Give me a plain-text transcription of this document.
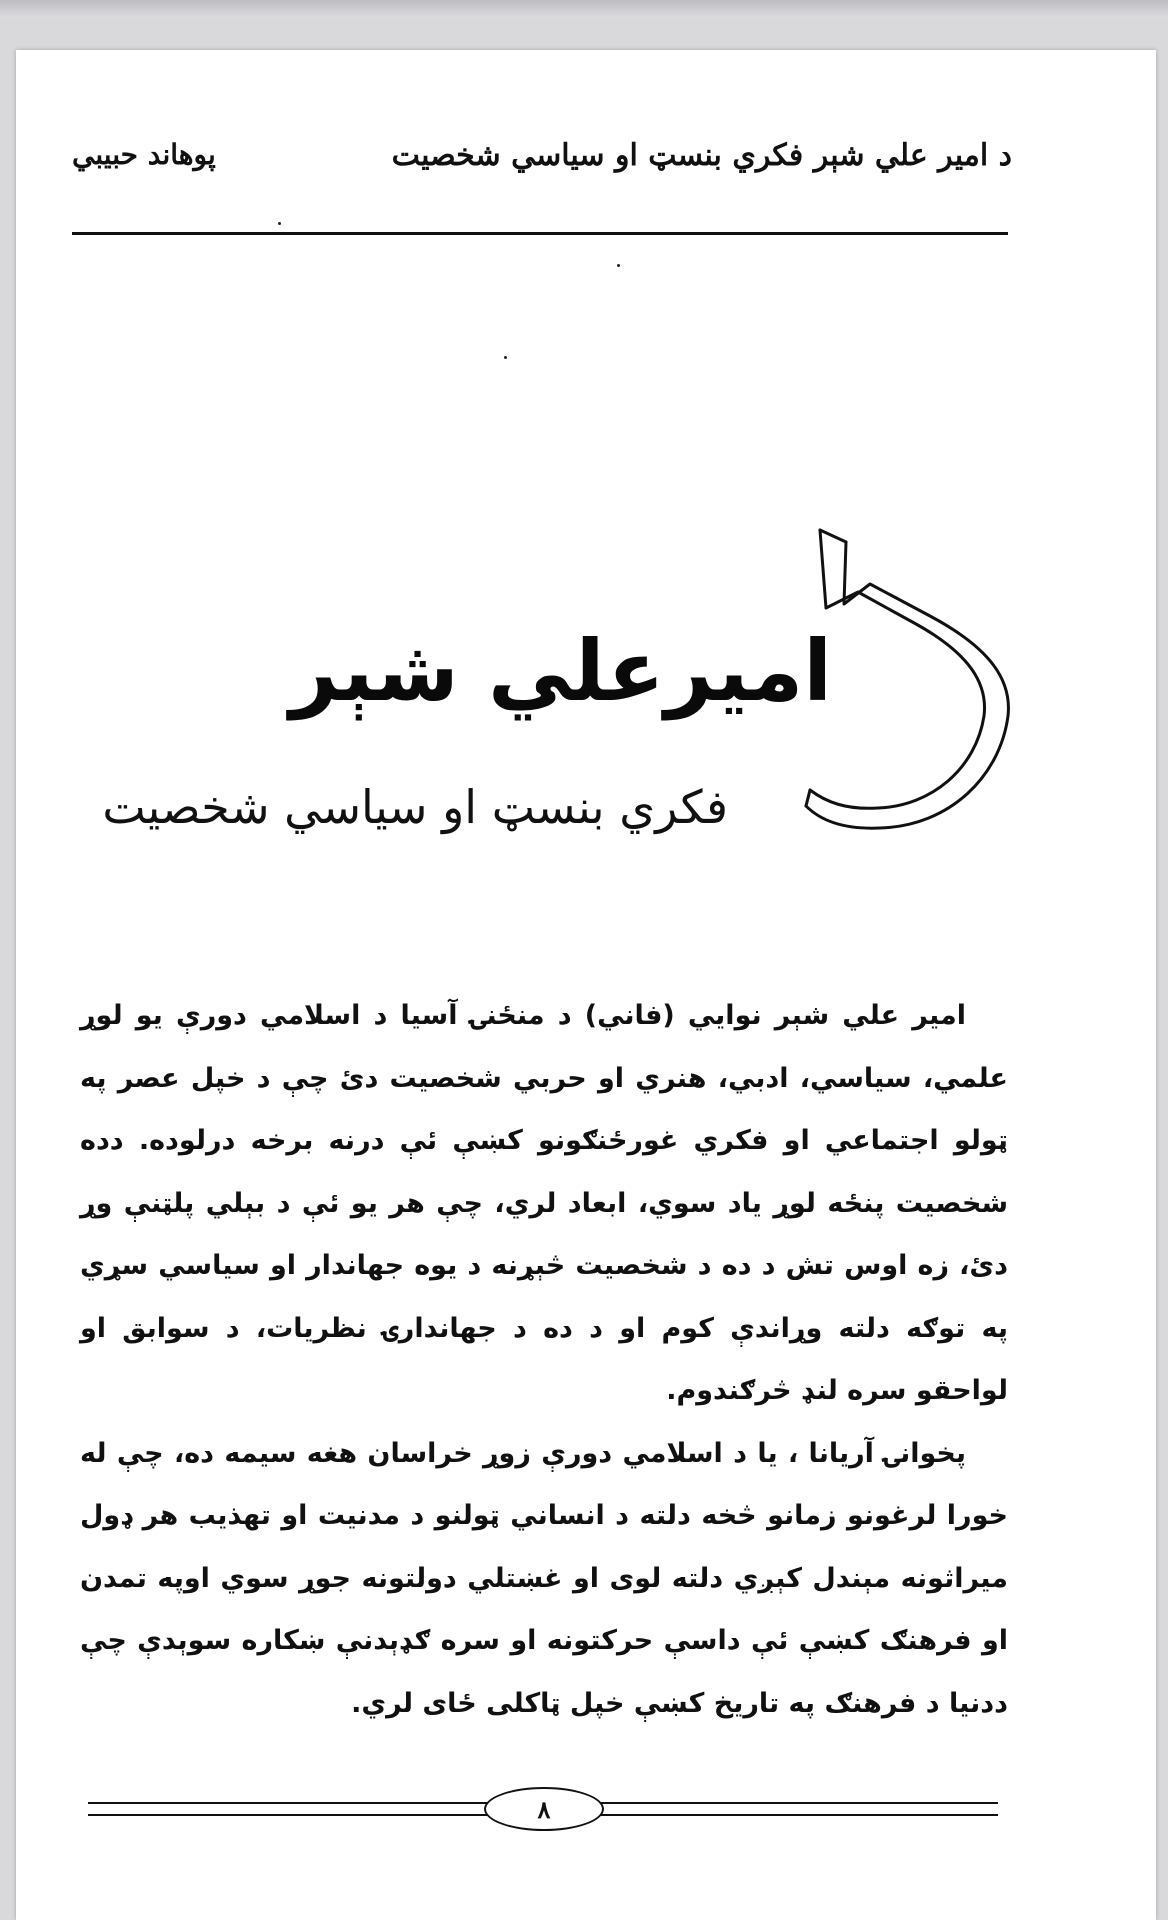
د امير علي شېر فكري بنسټ او سياسي شخصيت
پوهاند حبيبي
اميرعلي شېر
فكري بنسټ او سياسي شخصيت

امير علي شېر نوايي (فاني) د منځنۍ آسيا د اسلامي دورې يو لوړ علمي، سياسي، ادبي، هنري او حربي شخصيت دئ چې د خپل عصر په ټولو اجتماعي او فكري غورځنګونو كښې ئې درنه برخه درلوده. دده شخصيت پنځه لوړ ياد سوي، ابعاد لري، چې هر يو ئې د بېلي پلټنې وړ دئ، زه اوس تش د ده د شخصيت څېړنه د يوه جهاندار او سياسي سړي په توګه دلته وړاندې كوم او د ده د جهاندارۍ نظريات، د سوابق او لواحقو سره لنډ څرګندوم.

پخوانۍ آريانا ، يا د اسلامي دورې زوړ خراسان هغه سيمه ده، چې له خورا لرغونو زمانو څخه دلته د انساني ټولنو د مدنيت او تهذيب هر ډول ميراثونه مېندل كېږي دلته لوى او غښتلي دولتونه جوړ سوي اوپه تمدن او فرهنګ كښې ئې داسې حركتونه او سره ګډېدنې ښكاره سوېدې چې ددنيا د فرهنګ په تاريخ كښې خپل ټاكلى ځاى لري.

٨
